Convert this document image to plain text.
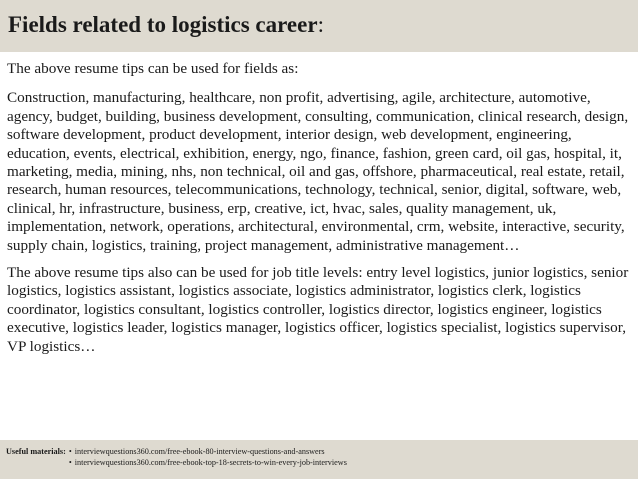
Fields related to logistics career:

The above resume tips can be used for fields as:

Construction, manufacturing, healthcare, non profit, advertising, agile, architecture, automotive, agency, budget, building, business development, consulting, communication, clinical research, design, software development, product development, interior design, web development, engineering, education, events, electrical, exhibition, energy, ngo, finance, fashion, green card, oil gas, hospital, it, marketing, media, mining, nhs, non technical, oil and gas, offshore, pharmaceutical, real estate, retail, research, human resources, telecommunications, technology, technical, senior, digital, software, web, clinical, hr, infrastructure, business, erp, creative, ict, hvac, sales, quality management, uk, implementation, network, operations, architectural, environmental, crm, website, interactive, security, supply chain, logistics, training, project management, administrative management…

The above resume tips also can be used for job title levels: entry level logistics, junior logistics, senior logistics, logistics assistant, logistics associate, logistics administrator, logistics clerk, logistics coordinator, logistics consultant, logistics controller, logistics director, logistics engineer, logistics executive, logistics leader, logistics manager, logistics officer, logistics specialist, logistics supervisor, VP logistics…

Useful materials: • interviewquestions360.com/free-ebook-80-interview-questions-and-answers
• interviewquestions360.com/free-ebook-top-18-secrets-to-win-every-job-interviews
